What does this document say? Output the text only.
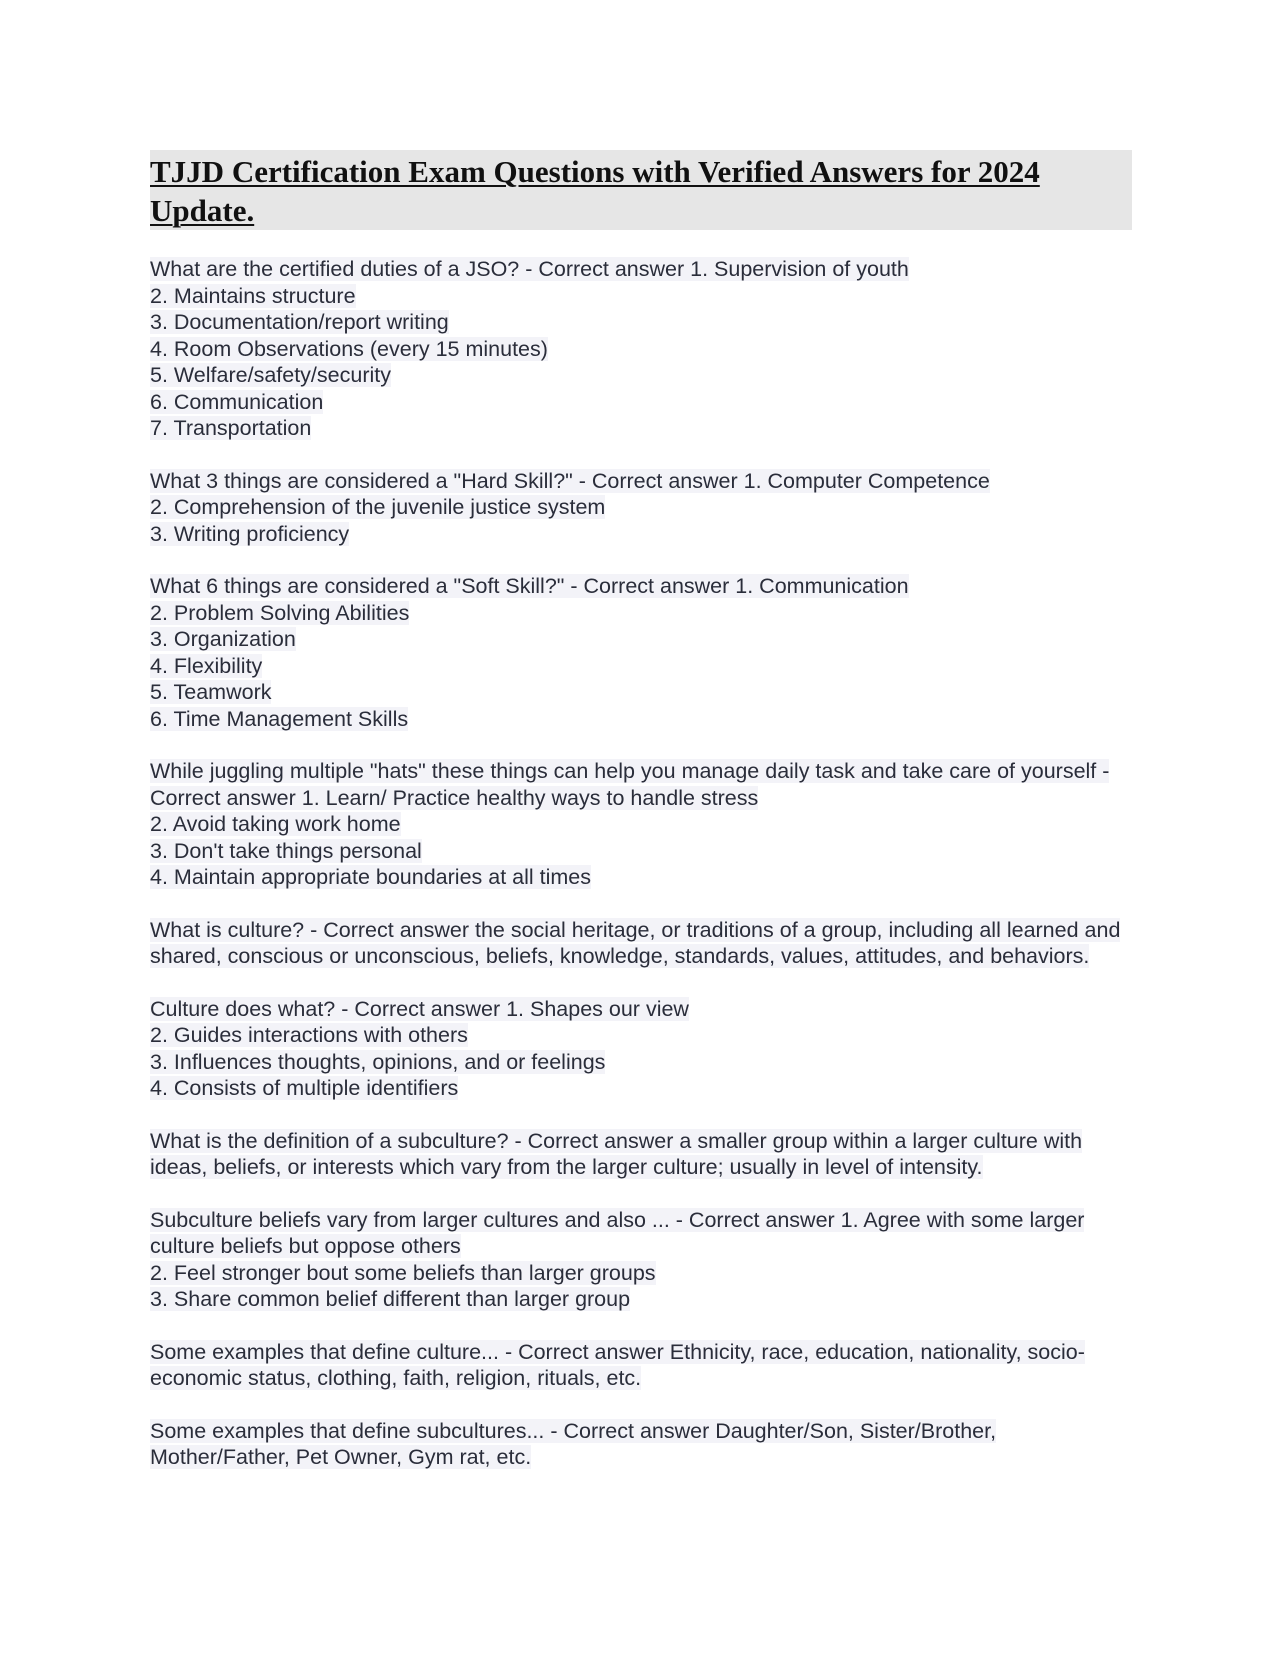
TJJD Certification Exam Questions with Verified Answers for 2024 Update.
What are the certified duties of a JSO? - Correct answer 1. Supervision of youth
2. Maintains structure
3. Documentation/report writing
4. Room Observations (every 15 minutes)
5. Welfare/safety/security
6. Communication
7. Transportation
What 3 things are considered a "Hard Skill?" - Correct answer 1. Computer Competence
2. Comprehension of the juvenile justice system
3. Writing proficiency
What 6 things are considered a "Soft Skill?" - Correct answer 1. Communication
2. Problem Solving Abilities
3. Organization
4. Flexibility
5. Teamwork
6. Time Management Skills
While juggling multiple "hats" these things can help you manage daily task and take care of yourself - Correct answer 1. Learn/ Practice healthy ways to handle stress
2. Avoid taking work home
3. Don't take things personal
4. Maintain appropriate boundaries at all times
What is culture? - Correct answer the social heritage, or traditions of a group, including all learned and shared, conscious or unconscious, beliefs, knowledge, standards, values, attitudes, and behaviors.
Culture does what? - Correct answer 1. Shapes our view
2. Guides interactions with others
3. Influences thoughts, opinions, and or feelings
4. Consists of multiple identifiers
What is the definition of a subculture? - Correct answer a smaller group within a larger culture with ideas, beliefs, or interests which vary from the larger culture; usually in level of intensity.
Subculture beliefs vary from larger cultures and also ... - Correct answer 1. Agree with some larger culture beliefs but oppose others
2. Feel stronger bout some beliefs than larger groups
3. Share common belief different than larger group
Some examples that define culture... - Correct answer Ethnicity, race, education, nationality, socio-economic status, clothing, faith, religion, rituals, etc.
Some examples that define subcultures... - Correct answer Daughter/Son, Sister/Brother, Mother/Father, Pet Owner, Gym rat, etc.
